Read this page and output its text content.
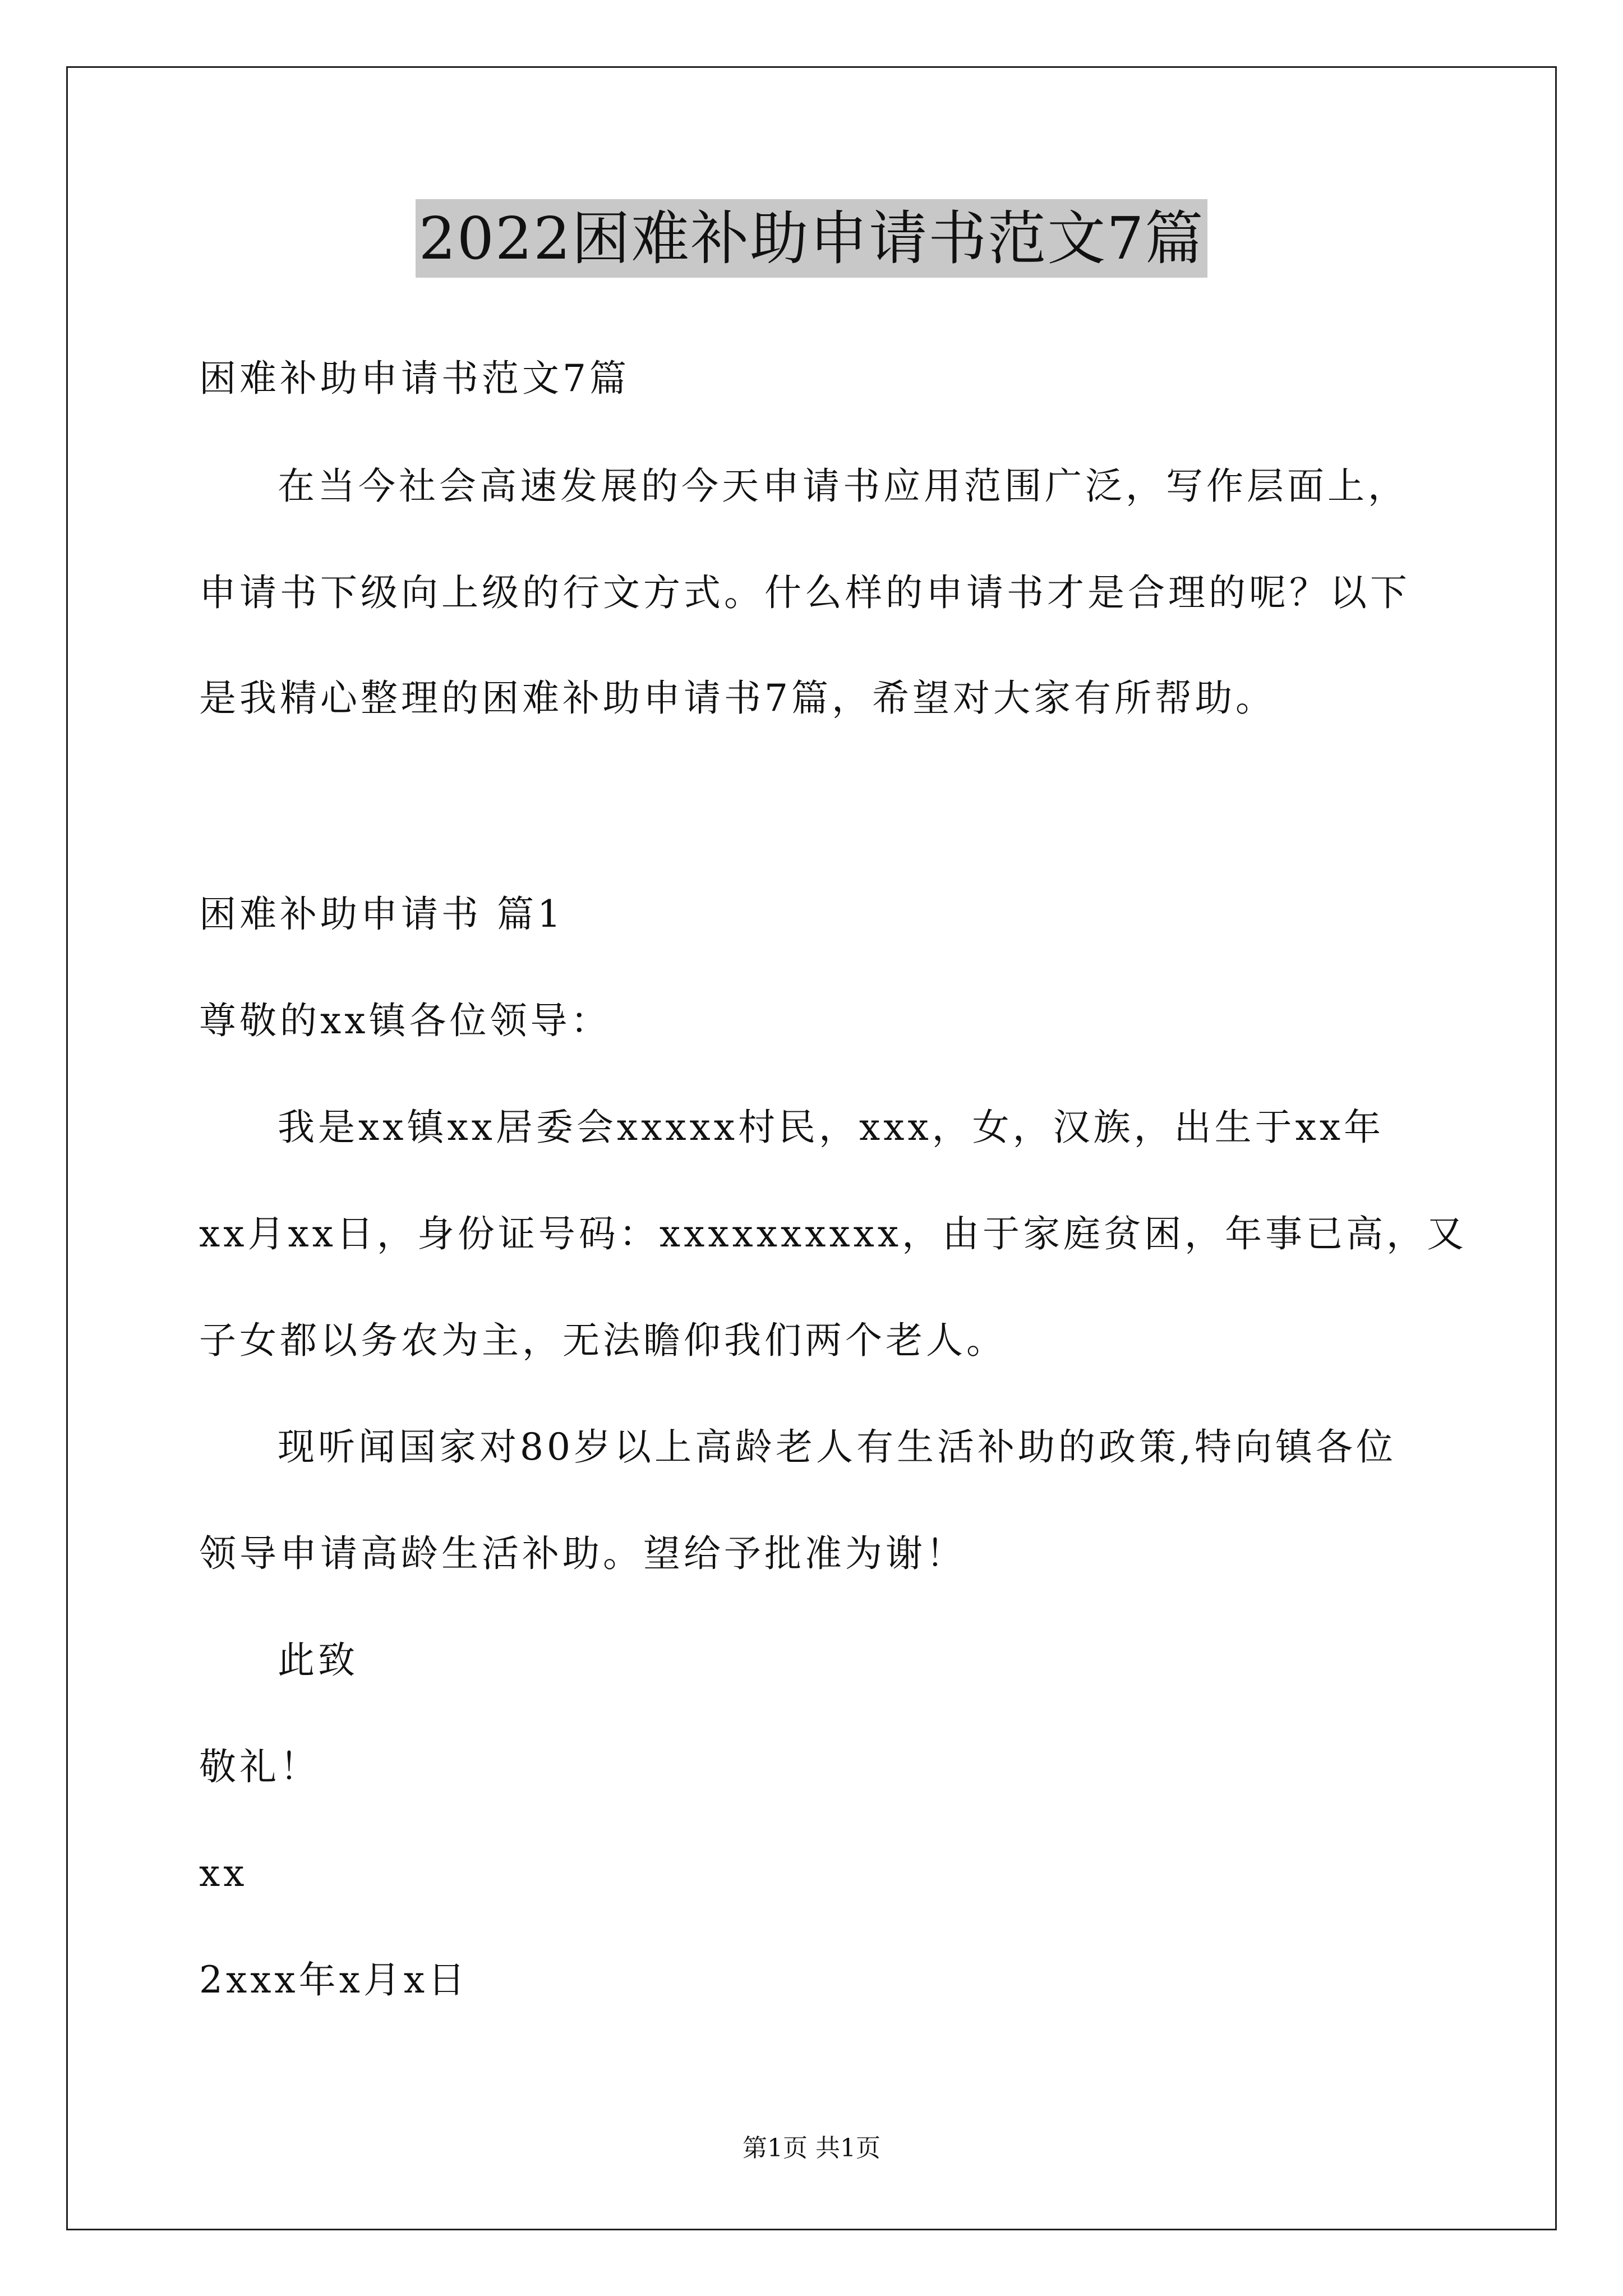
2022困难补助申请书范文7篇
困难补助申请书范文7篇
在当今社会高速发展的今天申请书应用范围广泛，写作层面上，
申请书下级向上级的行文方式。什么样的申请书才是合理的呢？以下
是我精心整理的困难补助申请书7篇，希望对大家有所帮助。
困难补助申请书 篇1
尊敬的xx镇各位领导：
我是xx镇xx居委会xxxxx村民，xxx，女，汉族，出生于xx年
xx月xx日，身份证号码：xxxxxxxxxx，由于家庭贫困，年事已高，又
子女都以务农为主，无法瞻仰我们两个老人。
现听闻国家对80岁以上高龄老人有生活补助的政策,特向镇各位
领导申请高龄生活补助。望给予批准为谢！
此致
敬礼！
xx
2xxx年x月x日
第1页 共1页
